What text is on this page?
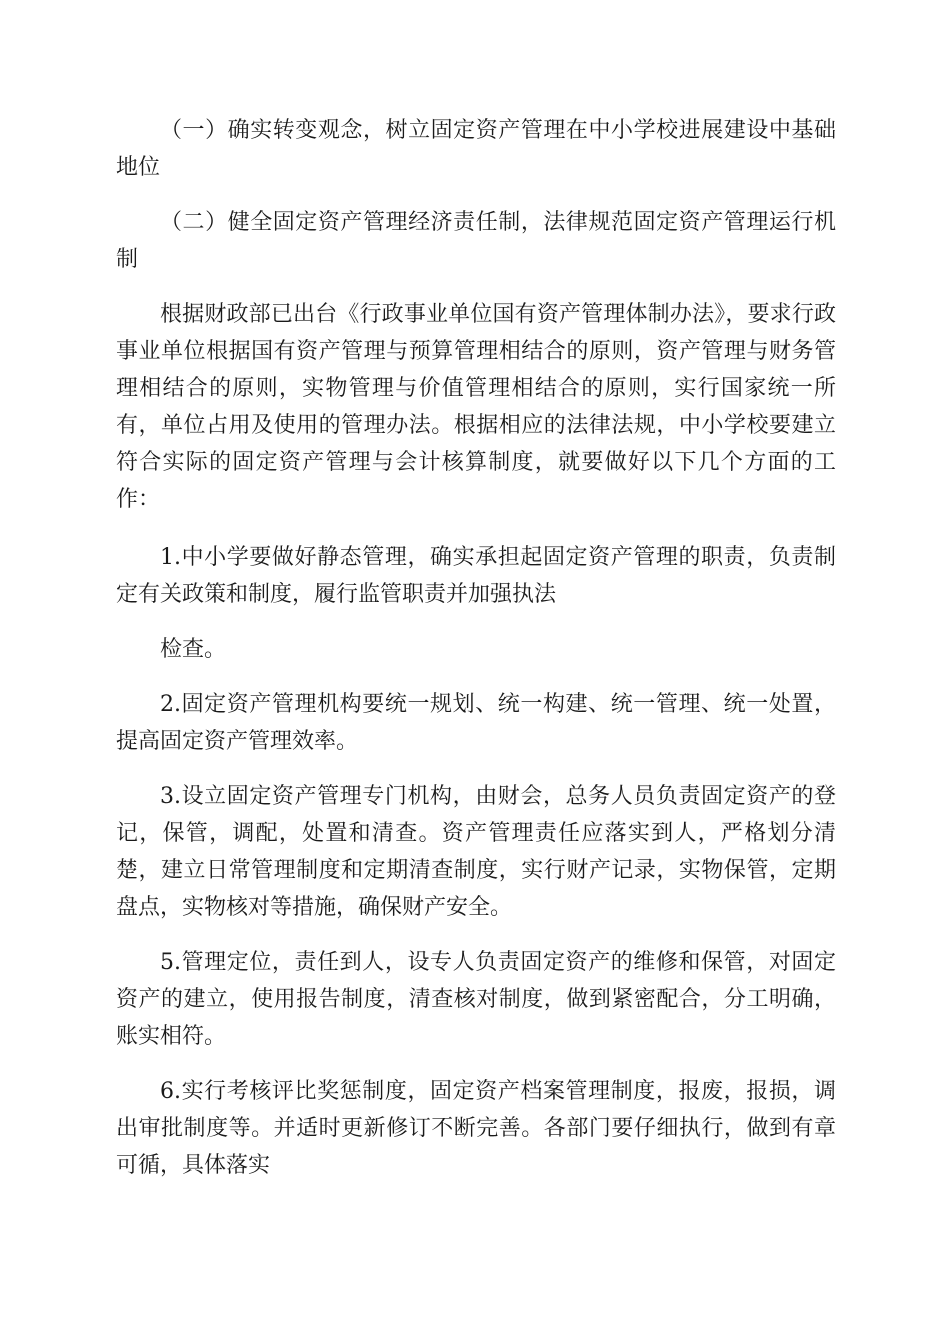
（一）确实转变观念，树立固定资产管理在中小学校进展建设中基础地位

（二）健全固定资产管理经济责任制，法律规范固定资产管理运行机制

根据财政部已出台《行政事业单位国有资产管理体制办法》，要求行政事业单位根据国有资产管理与预算管理相结合的原则，资产管理与财务管理相结合的原则，实物管理与价值管理相结合的原则，实行国家统一所有，单位占用及使用的管理办法。根据相应的法律法规，中小学校要建立符合实际的固定资产管理与会计核算制度，就要做好以下几个方面的工作：

1.中小学要做好静态管理，确实承担起固定资产管理的职责，负责制定有关政策和制度，履行监管职责并加强执法

检查。

2.固定资产管理机构要统一规划、统一构建、统一管理、统一处置，提高固定资产管理效率。

3.设立固定资产管理专门机构，由财会，总务人员负责固定资产的登记，保管，调配，处置和清查。资产管理责任应落实到人，严格划分清楚，建立日常管理制度和定期清查制度，实行财产记录，实物保管，定期盘点，实物核对等措施，确保财产安全。

5.管理定位，责任到人，设专人负责固定资产的维修和保管，对固定资产的建立，使用报告制度，清查核对制度，做到紧密配合，分工明确，账实相符。

6.实行考核评比奖惩制度，固定资产档案管理制度，报废，报损，调出审批制度等。并适时更新修订不断完善。各部门要仔细执行，做到有章可循，具体落实
